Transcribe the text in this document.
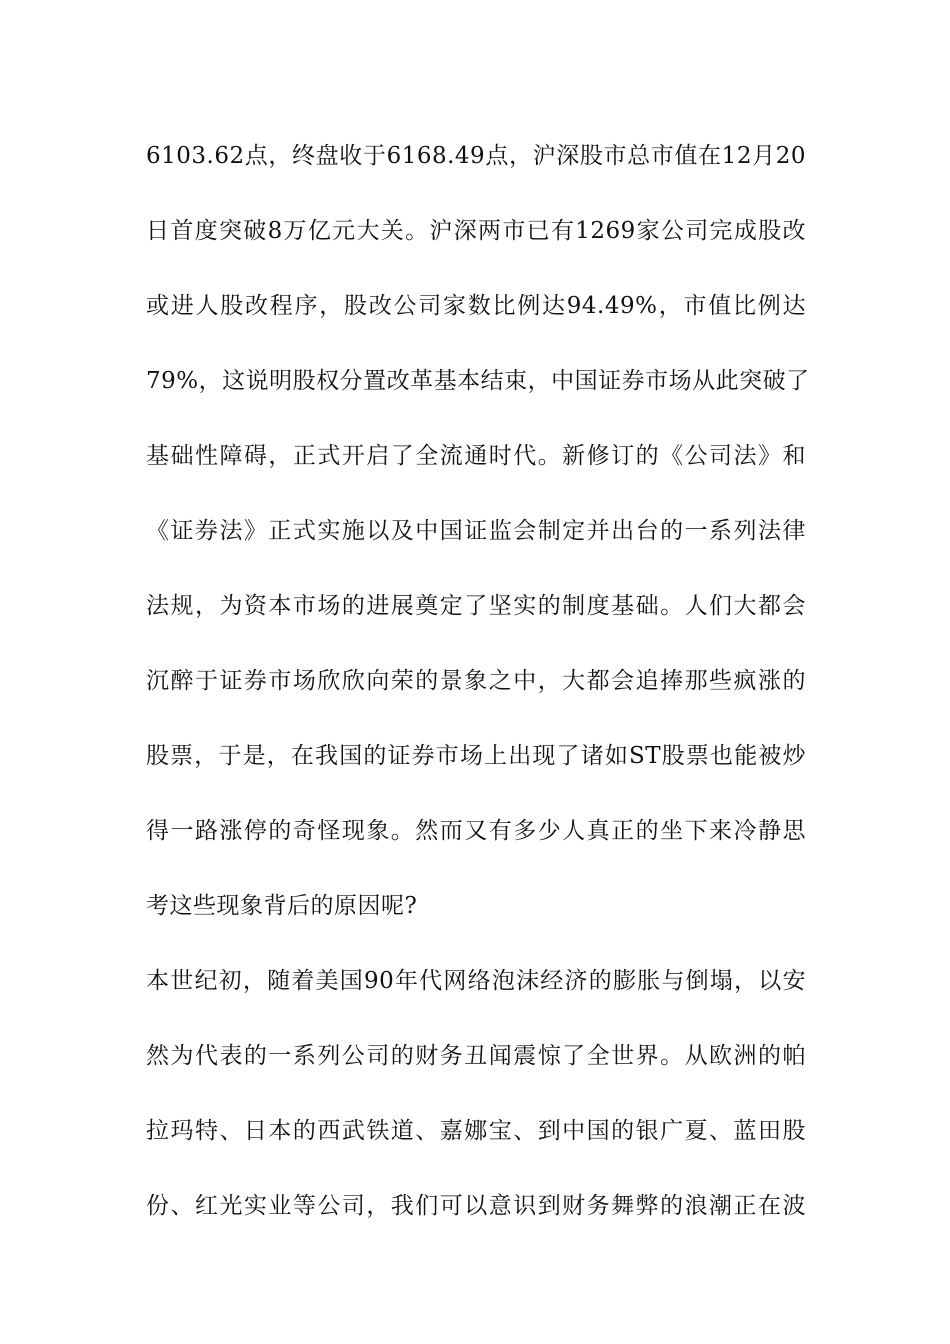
6103.62点，终盘收于6168.49点，沪深股市总市值在12月20
日首度突破8万亿元大关。沪深两市已有1269家公司完成股改
或进人股改程序，股改公司家数比例达94.49%，市值比例达
79%，这说明股权分置改革基本结束，中国证券市场从此突破了
基础性障碍，正式开启了全流通时代。新修订的《公司法》和
《证券法》正式实施以及中国证监会制定并出台的一系列法律
法规，为资本市场的进展奠定了坚实的制度基础。人们大都会
沉醉于证券市场欣欣向荣的景象之中，大都会追捧那些疯涨的
股票，于是，在我国的证券市场上出现了诸如ST股票也能被炒
得一路涨停的奇怪现象。然而又有多少人真正的坐下来冷静思
考这些现象背后的原因呢?
本世纪初，随着美国90年代网络泡沫经济的膨胀与倒塌，以安
然为代表的一系列公司的财务丑闻震惊了全世界。从欧洲的帕
拉玛特、日本的西武铁道、嘉娜宝、到中国的银广夏、蓝田股
份、红光实业等公司，我们可以意识到财务舞弊的浪潮正在波
